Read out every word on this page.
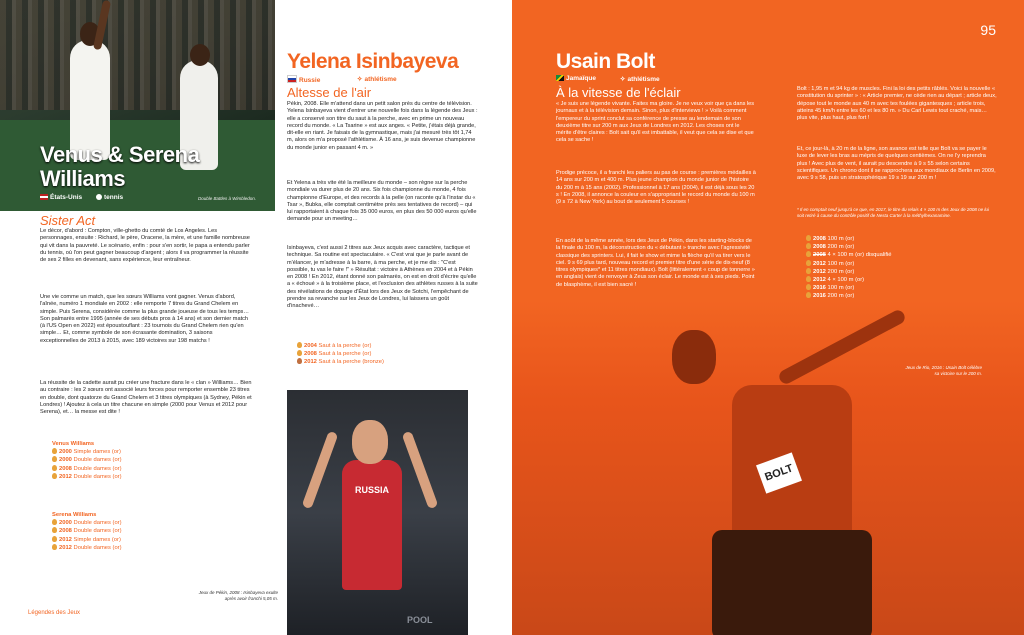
Venus & Serena
Williams
États-Unis	tennis	Double Battles à Wimbledon.
Sister Act
Le décor, d'abord : Compton, ville-ghetto du comté de Los Angeles. Les personnages, ensuite : Richard, le père, Oracene, la mère, et une famille nombreuse qui vit dans la pauvreté. Le scénario, enfin : pour s'en sortir, le papa a entendu parler du tennis, où l'on peut gagner beaucoup d'argent ; alors il va programmer la réussite de ses 2 filles en devenant, sans expérience, leur entraîneur.
Une vie comme un match, que les sœurs Williams vont gagner. Venus d'abord, l'aînée, numéro 1 mondiale en 2002 : elle remporte 7 titres du Grand Chelem en simple. Puis Serena, considérée comme la plus grande joueuse de tous les temps… Son palmarès entre 1995 (année de ses débuts pros à 14 ans) et son dernier match (à l'US Open en 2022) est époustouflant : 23 tournois du Grand Chelem rien qu'en simple… Et, comme symbole de son écrasante domination, 3 saisons exceptionnelles de 2013 à 2015, avec 189 victoires sur 198 matchs !
La réussite de la cadette aurait pu créer une fracture dans le « clan » Williams… Bien au contraire : les 2 sœurs ont associé leurs forces pour remporter ensemble 23 titres en double, dont quatorze du Grand Chelem et 3 titres olympiques (à Sydney, Pékin et Londres) ! Ajoutez à cela un titre chacune en simple (2000 pour Venus et 2012 pour Serena), et… la messe est dite !
Venus Williams
2000 Simple dames (or)
2000 Double dames (or)
2008 Double dames (or)
2012 Double dames (or)
Serena Williams
2000 Double dames (or)
2008 Double dames (or)
2012 Simple dames (or)
2012 Double dames (or)
Légendes des Jeux
Yelena Isinbayeva
Russie	✧ athlétisme
Altesse de l'air
Pékin, 2008. Elle m'attend dans un petit salon près du centre de télévision. Yelena Isinbayeva vient d'entrer une nouvelle fois dans la légende des Jeux : elle a conservé son titre du saut à la perche, avec en prime un nouveau record du monde. « La Tsarine » est aux anges. « Petite, j'étais déjà grande, dit-elle en riant. Je faisais de la gymnastique, mais j'ai mesuré très tôt 1,74 m, alors on m'a proposé l'athlétisme. À 16 ans, je suis devenue championne du monde junior en passant 4 m. »
Et Yelena a très vite été la meilleure du monde – son règne sur la perche mondiale va durer plus de 20 ans. Six fois championne du monde, 4 fois championne d'Europe, et des records à la pelle (on raconte qu'à l'instar du « Tsar », Bubka, elle comptait centimètre près ses tentatives de record) – qui lui rapportaient à chaque fois 35 000 euros, en plus des 50 000 euros qu'elle demande pour un meeting…
Isinbayeva, c'est aussi 2 titres aux Jeux acquis avec caractère, tactique et technique. Sa routine est spectaculaire. « C'est vrai que je parle avant de m'élancer, je m'adresse à la barre, à ma perche, et je me dis : "C'est possible, tu vas le faire !" » Résultat : victoire à Athènes en 2004 et à Pékin en 2008 ! En 2012, étant donné son palmarès, on est en droit d'écrire qu'elle a « échoué » à la troisième place, et l'exclusion des athlètes russes à la suite des révélations de dopage d'État lors des Jeux de Sotchi, l'empêchant de prendre sa revanche sur les Jeux de Londres, lui laissera un goût d'inachevé…
2004 Saut à la perche (or)
2008 Saut à la perche (or)
2012 Saut à la perche (bronze)
Jeux de Pékin, 2008 : Isinbayeva exulte après avoir franchi 5,05 m.
RUSSIA
POOL
95
Usain Bolt
Jamaïque	✧ athlétisme
À la vitesse de l'éclair
« Je suis une légende vivante. Faites ma gloire. Je ne veux voir que ça dans les journaux et à la télévision demain. Sinon, plus d'interviews ! » Voilà comment l'empereur du sprint conclut sa conférence de presse au lendemain de son deuxième titre sur 200 m aux Jeux de Londres en 2012. Les choses ont le mérite d'être claires : Bolt sait qu'il est imbattable, il veut que cela se dise et que cela se sache !
Prodige précoce, il a franchi les paliers au pas de course : premières médailles à 14 ans sur 200 m et 400 m. Plus jeune champion du monde junior de l'histoire du 200 m à 15 ans (2002). Professionnel à 17 ans (2004), il est déjà sous les 20 s ! En 2008, il annonce la couleur en s'appropriant le record du monde du 100 m (9 s 72 à New York) au bout de seulement 5 courses !
En août de la même année, lors des Jeux de Pékin, dans les starting-blocks de la finale du 100 m, la déconstruction du « débutant » tranche avec l'agressivité classique des sprinters. Lui, il fait le show et mime la flèche qu'il va tirer vers le ciel. 9 s 69 plus tard, nouveau record et premier titre d'une série de dix-neuf (8 titres olympiques* et 11 titres mondiaux). Bolt (littéralement « coup de tonnerre » en anglais) vient de renvoyer à Zeus son éclair. Le monde est à ses pieds. Point de blasphème, il est bien sacré !
Bolt : 1,95 m et 94 kg de muscles. Fini la loi des petits râblés. Voici la nouvelle « constitution du sprinter » : « Article premier, ne cède rien au départ ; article deux, dépose tout le monde aux 40 m avec tes foulées gigantesques ; article trois, atteins 45 km/h entre les 60 et les 80 m. » Du Carl Lewis tout craché, mais… plus vite, plus haut, plus fort !
Et, ce jour-là, à 20 m de la ligne, son avance est telle que Bolt va se payer le luxe de lever les bras au mépris de quelques centièmes. On ne l'y reprendra plus ! Avec plus de vent, il aurait pu descendre à 9 s 55 selon certains scientifiques. Un chrono dont il se rapprochera aux mondiaux de Berlin en 2009, avec 9 s 58, puis un stratosphérique 19 s 19 sur 200 m !
* Il en comptait neuf jusqu'à ce que, en 2017, le titre du relais 4 × 100 m des Jeux de 2008 ne lui soit retiré à cause du contrôle positif de Nesta Carter à la méthylhexanamine.
2008 100 m (or)
2008 200 m (or)
2008 4 × 100 m (or) disqualifié
2012 100 m (or)
2012 200 m (or)
2012 4 × 100 m (or)
2016 100 m (or)
2016 200 m (or)
BOLT
Jeux de Rio, 2016 : Usain Bolt célèbre sa victoire sur le 200 m.
